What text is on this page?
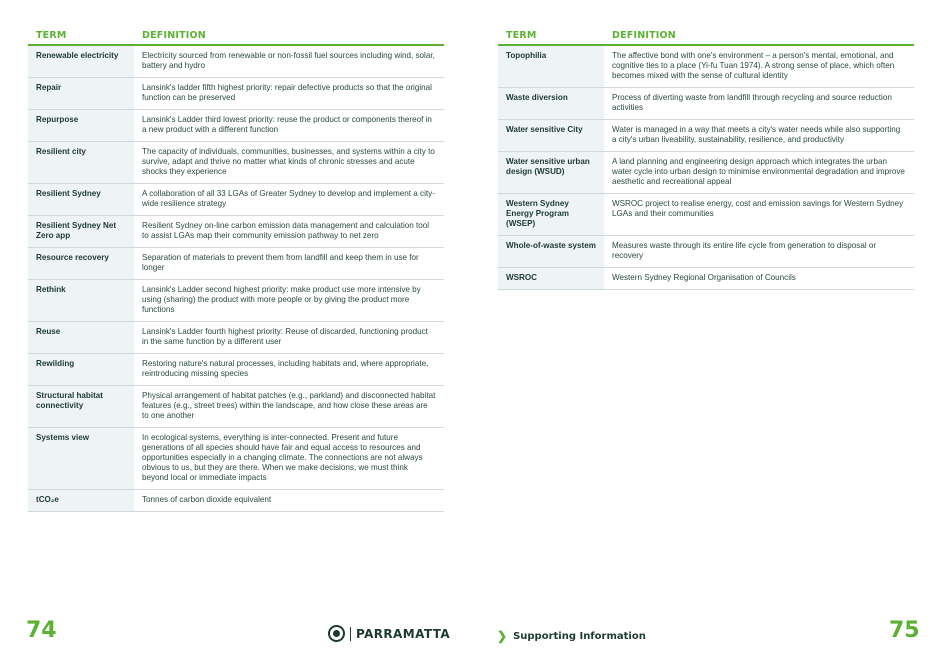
TERM	DEFINITION
Renewable electricity	Electricity sourced from renewable or non-fossil fuel sources including wind, solar, battery and hydro
Repair	Lansink's ladder fifth highest priority: repair defective products so that the original function can be preserved
Repurpose	Lansink's Ladder third lowest priority: reuse the product or components thereof in a new product with a different function
Resilient city	The capacity of individuals, communities, businesses, and systems within a city to survive, adapt and thrive no matter what kinds of chronic stresses and acute shocks they experience
Resilient Sydney	A collaboration of all 33 LGAs of Greater Sydney to develop and implement a city-wide resilience strategy
Resilient Sydney Net Zero app	Resilient Sydney on-line carbon emission data management and calculation tool to assist LGAs map their community emission pathway to net zero
Resource recovery	Separation of materials to prevent them from landfill and keep them in use for longer
Rethink	Lansink's Ladder second highest priority: make product use more intensive by using (sharing) the product with more people or by giving the product more functions
Reuse	Lansink's Ladder fourth highest priority: Reuse of discarded, functioning product in the same function by a different user
Rewilding	Restoring nature's natural processes, including habitats and, where appropriate, reintroducing missing species
Structural habitat connectivity	Physical arrangement of habitat patches (e.g., parkland) and disconnected habitat features (e.g., street trees) within the landscape, and how close these areas are to one another
Systems view	In ecological systems, everything is inter-connected. Present and future generations of all species should have fair and equal access to resources and opportunities especially in a changing climate. The connections are not always obvious to us, but they are there. When we make decisions, we must think beyond local or immediate impacts
tCO₂e	Tonnes of carbon dioxide equivalent
TERM	DEFINITION
Topophilia	The affective bond with one's environment – a person's mental, emotional, and cognitive ties to a place (Yi-fu Tuan 1974). A strong sense of place, which often becomes mixed with the sense of cultural identity
Waste diversion	Process of diverting waste from landfill through recycling and source reduction activities
Water sensitive City	Water is managed in a way that meets a city's water needs while also supporting a city's urban liveability, sustainability, resilience, and productivity
Water sensitive urban design (WSUD)	A land planning and engineering design approach which integrates the urban water cycle into urban design to minimise environmental degradation and improve aesthetic and recreational appeal
Western Sydney Energy Program (WSEP)	WSROC project to realise energy, cost and emission savings for Western Sydney LGAs and their communities
Whole-of-waste system	Measures waste through its entire life cycle from generation to disposal or recovery
WSROC	Western Sydney Regional Organisation of Councils
74	75
PARRAMATTA	❯ Supporting Information
